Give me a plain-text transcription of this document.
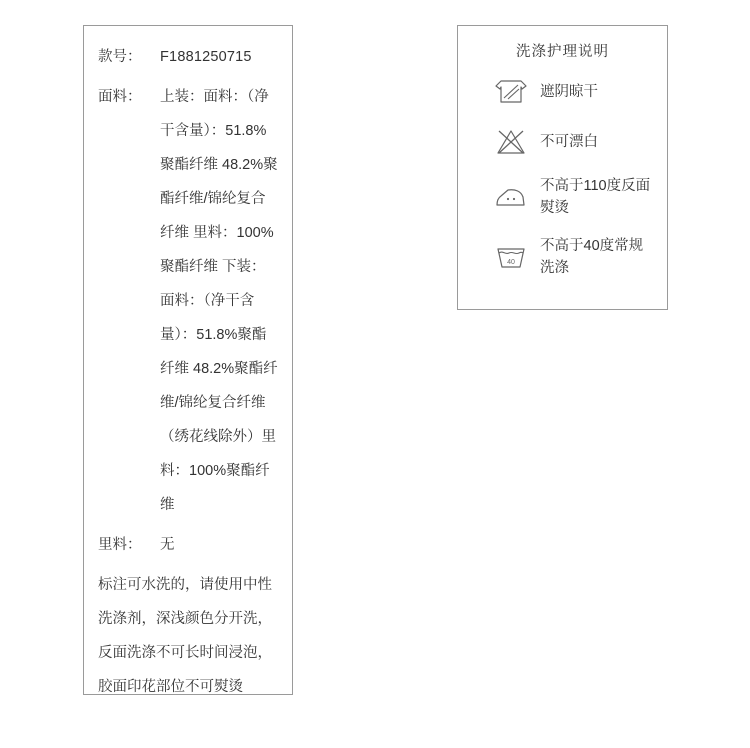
款号：	F1881250715
面料：	上装：面料：（净干含量）：51.8%聚酯纤维 48.2%聚酯纤维/锦纶复合纤维 里料：100%聚酯纤维 下装：面料：（净干含量）：51.8%聚酯纤维 48.2%聚酯纤维/锦纶复合纤维（绣花线除外）里料：100%聚酯纤维
里料：	无
标注可水洗的，请使用中性洗涤剂，深浅颜色分开洗，反面洗涤不可长时间浸泡，胶面印花部位不可熨烫
洗涤护理说明
遮阴晾干
不可漂白
不高于110度反面熨烫
40
不高于40度常规洗涤
